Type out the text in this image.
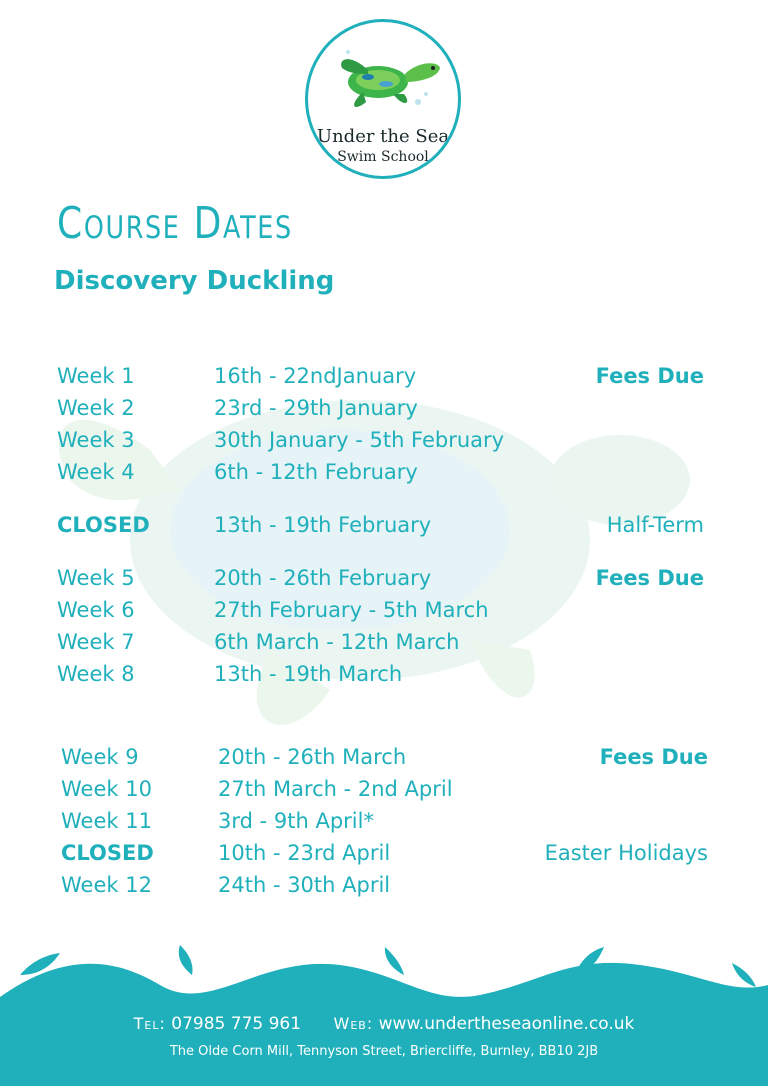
Under the Sea
Swim School
Course Dates
Discovery Duckling
Week 1	16th - 22ndJanuary	Fees Due
Week 2	23rd - 29th January
Week 3	30th January - 5th February
Week 4	6th - 12th February
CLOSED	13th - 19th February	Half-Term
Week 5	20th - 26th February	Fees Due
Week 6	27th February - 5th March
Week 7	6th March - 12th March
Week 8	13th - 19th March
Week 9	20th - 26th March	Fees Due
Week 10	27th March - 2nd April
Week 11	3rd - 9th April*
CLOSED	10th - 23rd April	Easter Holidays
Week 12	24th - 30th April
Tel: 07985 775 961 Web: www.undertheseaonline.co.uk
The Olde Corn Mill, Tennyson Street, Briercliffe, Burnley, BB10 2JB
